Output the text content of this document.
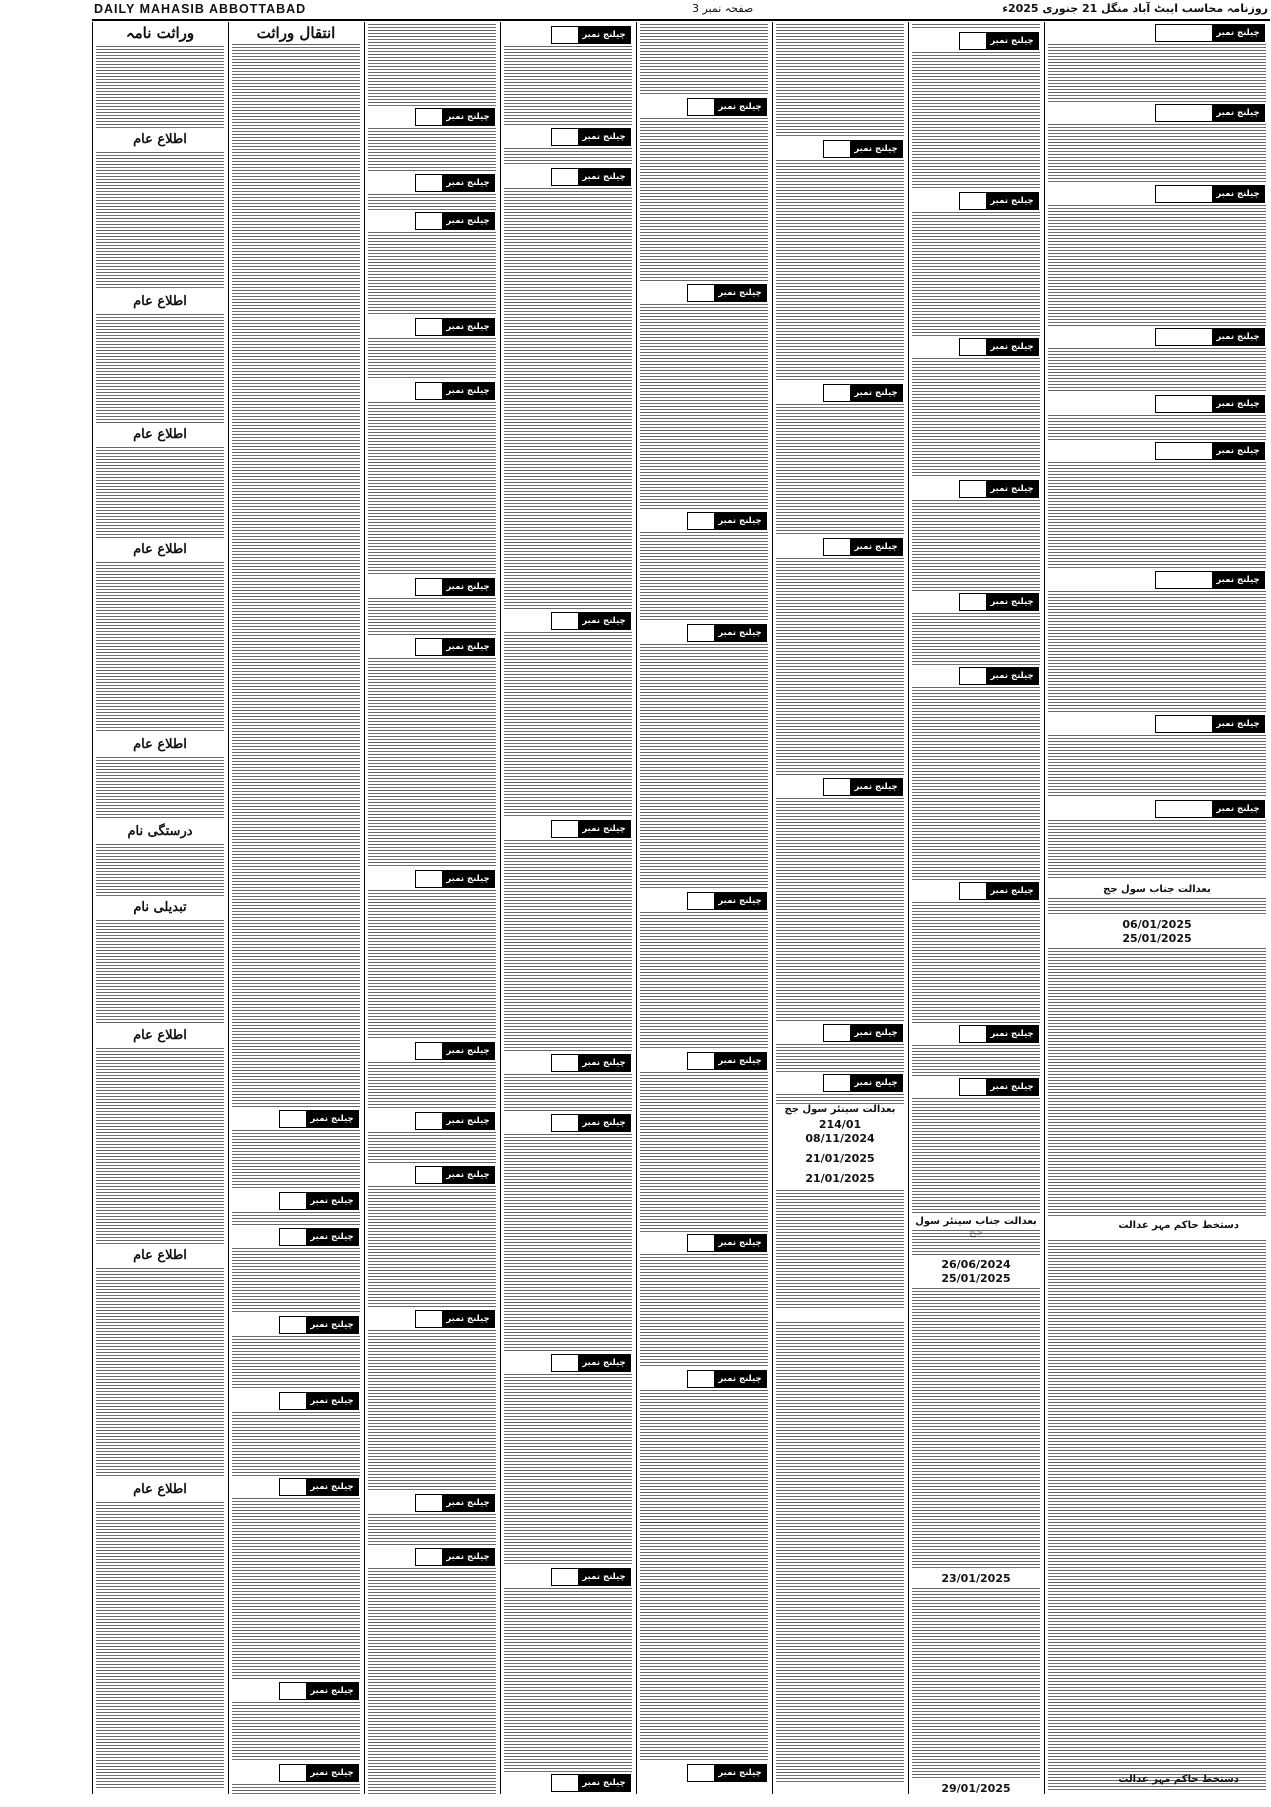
DAILY MAHASIB ABBOTTABAD	صفحہ نمبر 3	روزنامہ محاسب ایبٹ آباد منگل 21 جنوری 2025ء
وراثت نامہ
اطلاع عام
اطلاع عام
اطلاع عام
اطلاع عام
اطلاع عام
درستگی نام
تبدیلی نام
اطلاع عام
اطلاع عام
اطلاع عام
انتقال وراثت
چیلنج نمبر
چیلنج نمبر
چیلنج نمبر
چیلنج نمبر
چیلنج نمبر
چیلنج نمبر
چیلنج نمبر
چیلنج نمبر
چیلنج نمبر
چیلنج نمبر
چیلنج نمبر
چیلنج نمبر
چیلنج نمبر
چیلنج نمبر
چیلنج نمبر
چیلنج نمبر
چیلنج نمبر
چیلنج نمبر
چیلنج نمبر
چیلنج نمبر
چیلنج نمبر
چیلنج نمبر
چیلنج نمبر
چیلنج نمبر
چیلنج نمبر
چیلنج نمبر
چیلنج نمبر
چیلنج نمبر
چیلنج نمبر
چیلنج نمبر
چیلنج نمبر
چیلنج نمبر 43
چیلنج نمبر
چیلنج نمبر
چیلنج نمبر
چیلنج نمبر
چیلنج نمبر
چیلنج نمبر
چیلنج نمبر
چیلنج نمبر
چیلنج نمبر 33
چیلنج نمبر
چیلنج نمبر
چیلنج نمبر
چیلنج نمبر
چیلنج نمبر
چیلنج نمبر
بعدالت سینئر سول جج
214/01
08/11/2024
21/01/2025
21/01/2025
چیلنج نمبر
چیلنج نمبر
چیلنج نمبر
چیلنج نمبر
چیلنج نمبر
چیلنج نمبر
چیلنج نمبر
چیلنج نمبر
چیلنج نمبر
بعدالت جناب سینئر سول
26/06/2024
25/01/2025
23/01/2025
29/01/2025
چیلنج نمبر
چیلنج نمبر
چیلنج نمبر
چیلنج نمبر
چیلنج نمبر
چیلنج نمبر
چیلنج نمبر
چیلنج نمبر
چیلنج نمبر
بعدالت جناب سول جج
06/01/2025
25/01/2025
دستخط حاکم مہر عدالت
دستخط حاکم مہر عدالت
